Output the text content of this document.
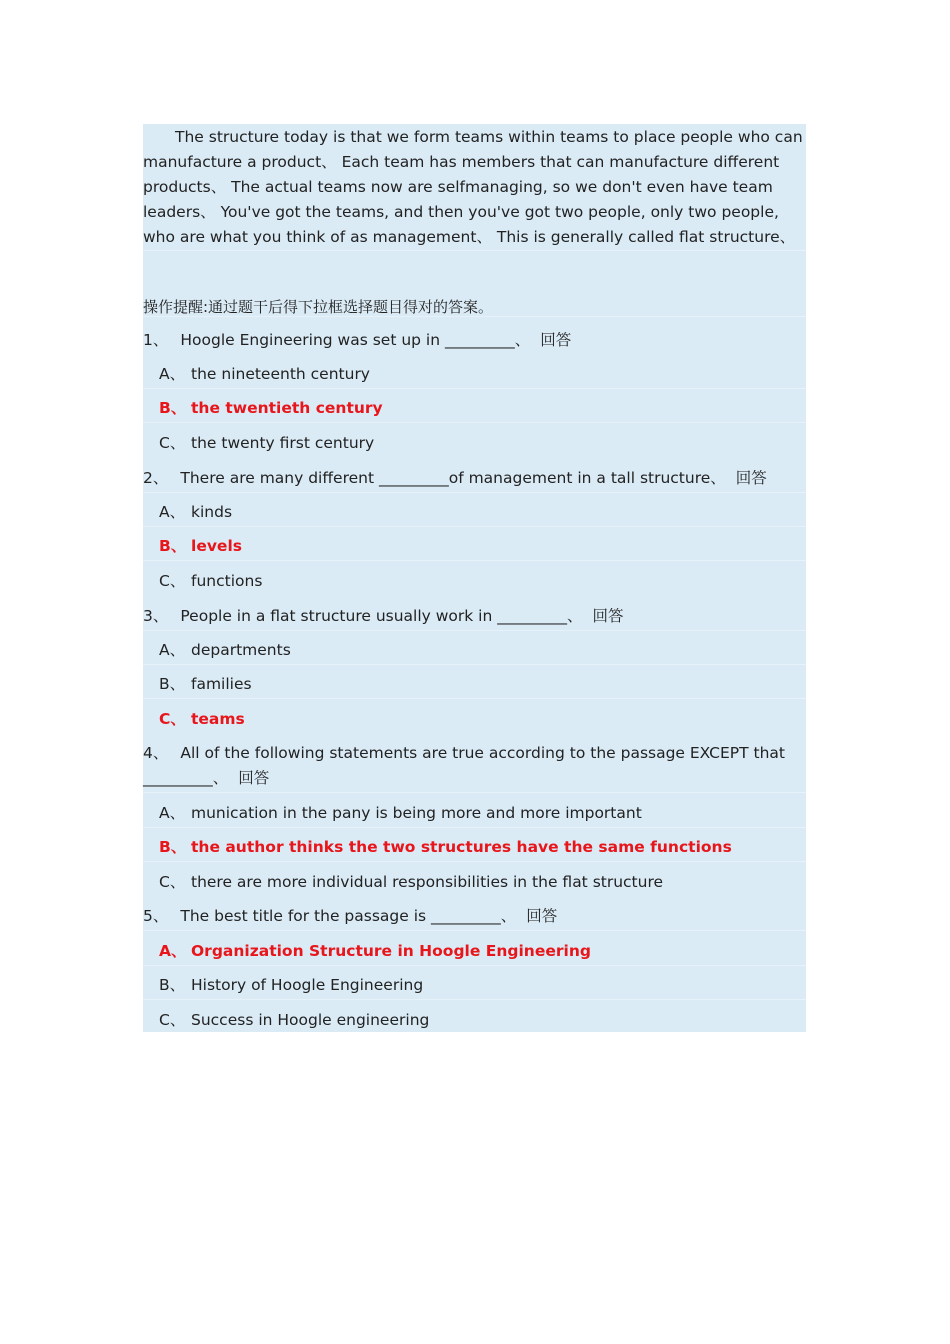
The structure today is that we form teams within teams to place people who can manufacture a product、 Each team has members that can manufacture different products、 The actual teams now are selfmanaging, so we don't even have team leaders、 You've got the teams, and then you've got two people, only two people, who are what you think of as management、 This is generally called flat structure、
操作提醒:通过题干后得下拉框选择题目得对的答案。
1、 Hoogle Engineering was set up in _________、 回答
A、 the nineteenth century
B、 the twentieth century
C、 the twenty first century
2、 There are many different _________of management in a tall structure、 回答
A、 kinds
B、 levels
C、 functions
3、 People in a flat structure usually work in _________、 回答
A、 departments
B、 families
C、 teams
4、 All of the following statements are true according to the passage EXCEPT that
_________、 回答
A、 munication in the pany is being more and more important
B、 the author thinks the two structures have the same functions
C、 there are more individual responsibilities in the flat structure
5、 The best title for the passage is _________、 回答
A、 Organization Structure in Hoogle Engineering
B、 History of Hoogle Engineering
C、 Success in Hoogle engineering
